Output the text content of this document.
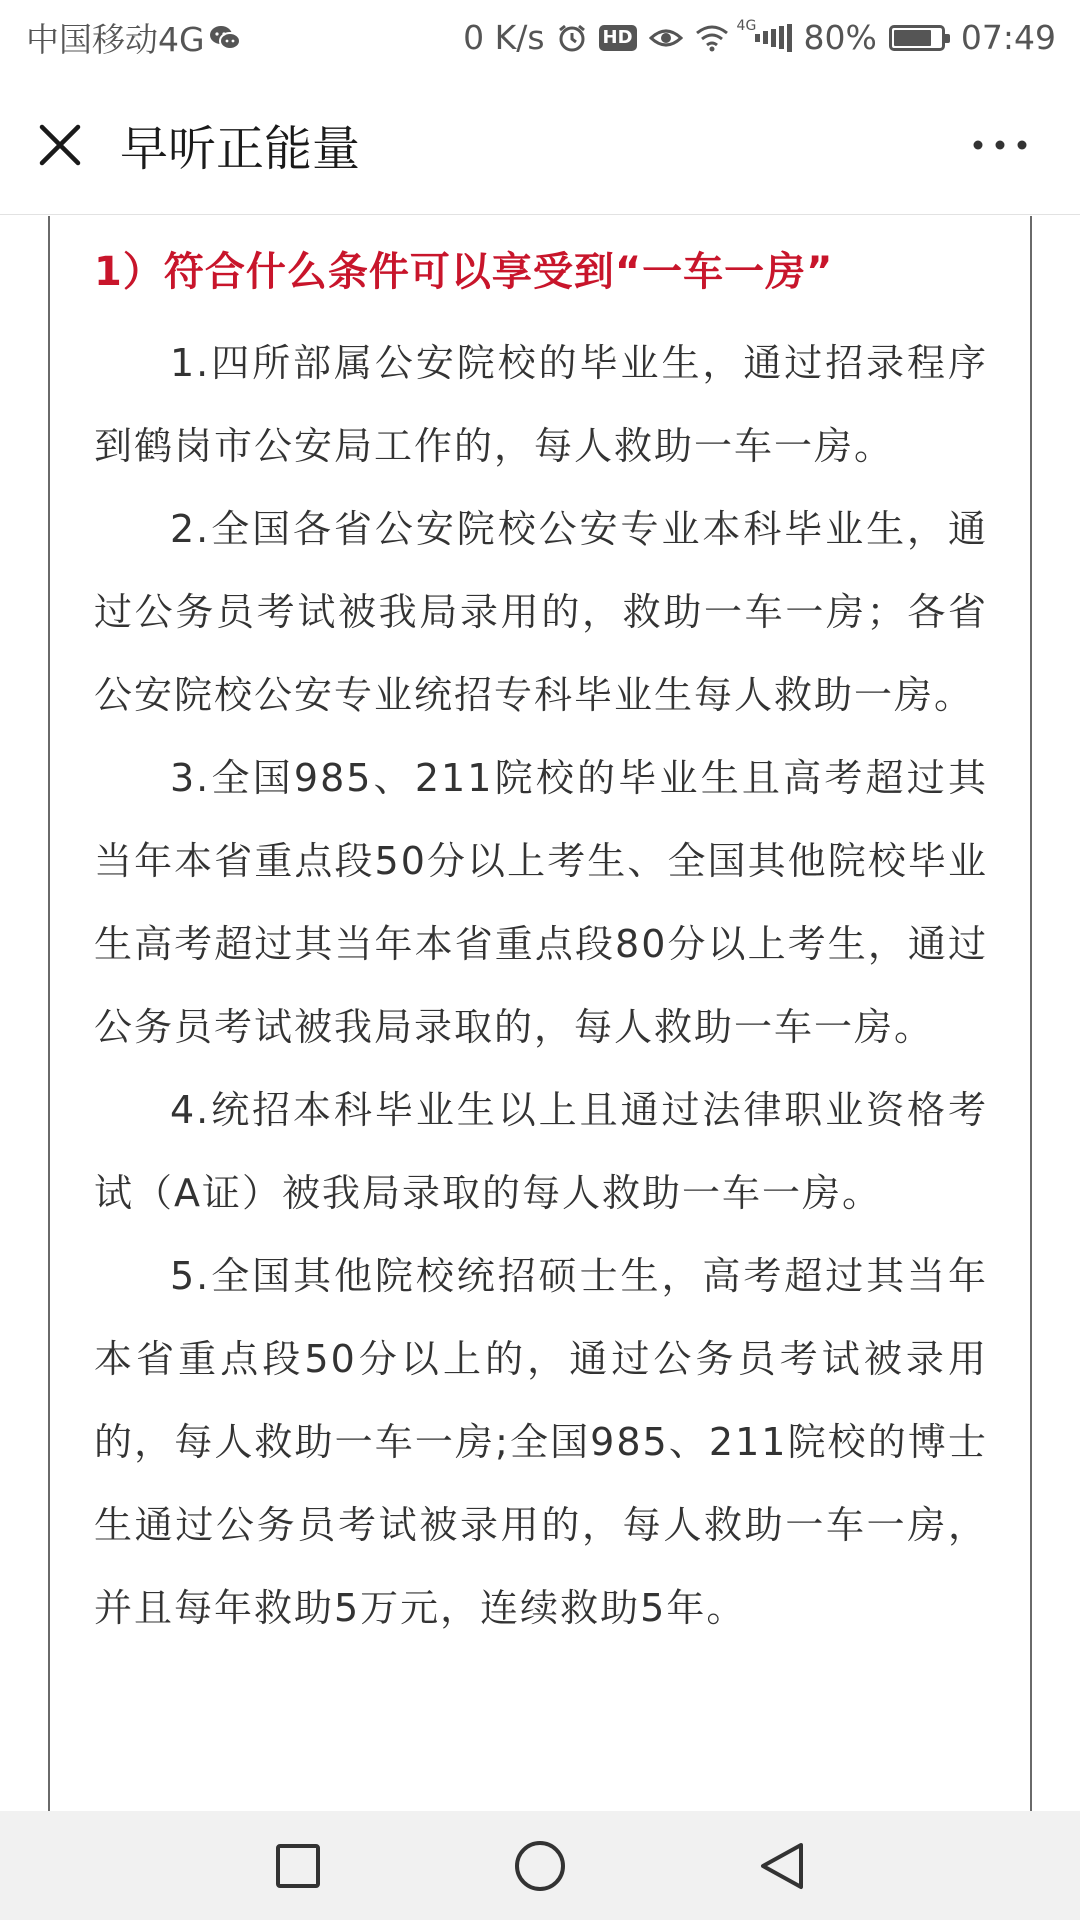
中国移动4G	0 K/s	HD
4G 80%	07:49
早听正能量
1）符合什么条件可以享受到“一车一房”

1.四所部属公安院校的毕业生，通过招录程序到鹤岗市公安局工作的，每人救助一车一房。

2.全国各省公安院校公安专业本科毕业生，通过公务员考试被我局录用的，救助一车一房；各省公安院校公安专业统招专科毕业生每人救助一房。

3.全国985、211院校的毕业生且高考超过其当年本省重点段50分以上考生、全国其他院校毕业生高考超过其当年本省重点段80分以上考生，通过公务员考试被我局录取的，每人救助一车一房。

4.统招本科毕业生以上且通过法律职业资格考试（A证）被我局录取的每人救助一车一房。

5.全国其他院校统招硕士生，高考超过其当年本省重点段50分以上的，通过公务员考试被录用的，每人救助一车一房;全国985、211院校的博士生通过公务员考试被录用的，每人救助一车一房，并且每年救助5万元，连续救助5年。
